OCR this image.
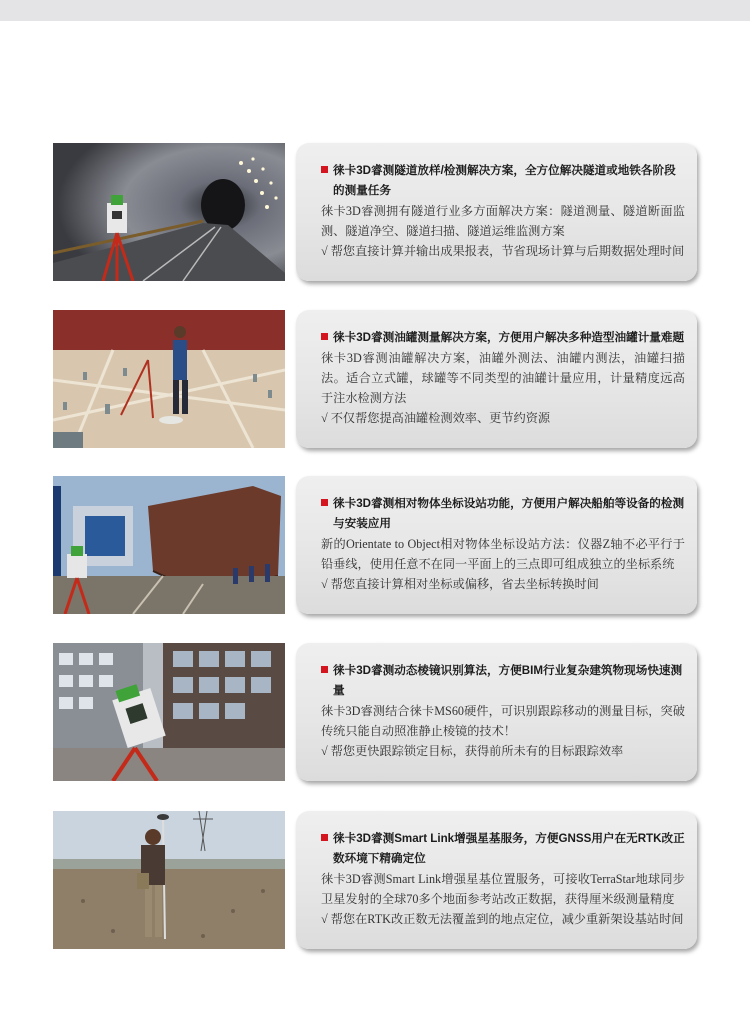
徕卡3D睿测隧道放样/检测解决方案，全方位解决隧道或地铁各阶段的测量任务
徕卡3D睿测拥有隧道行业多方面解决方案：隧道测量、隧道断面监测、隧道净空、隧道扫描、隧道运维监测方案
√ 帮您直接计算并输出成果报表，节省现场计算与后期数据处理时间
徕卡3D睿测油罐测量解决方案，方便用户解决多种造型油罐计量难题
徕卡3D睿测油罐解决方案，油罐外测法、油罐内测法，油罐扫描法。适合立式罐，球罐等不同类型的油罐计量应用，计量精度远高于注水检测方法
√ 不仅帮您提高油罐检测效率、更节约资源
徕卡3D睿测相对物体坐标设站功能，方便用户解决船舶等设备的检测与安装应用
新的Orientate to Object相对物体坐标设站方法：仪器Z轴不必平行于铅垂线，使用任意不在同一平面上的三点即可组成独立的坐标系统
√ 帮您直接计算相对坐标或偏移，省去坐标转换时间
徕卡3D睿测动态棱镜识别算法，方便BIM行业复杂建筑物现场快速测量
徕卡3D睿测结合徕卡MS60硬件，可识别跟踪移动的测量目标，突破传统只能自动照准静止棱镜的技术！
√ 帮您更快跟踪锁定目标，获得前所未有的目标跟踪效率
徕卡3D睿测Smart Link增强星基服务，方便GNSS用户在无RTK改正数环境下精确定位
徕卡3D睿测Smart Link增强星基位置服务，可接收TerraStar地球同步卫星发射的全球70多个地面参考站改正数据，获得厘米级测量精度
√ 帮您在RTK改正数无法覆盖到的地点定位，减少重新架设基站时间
